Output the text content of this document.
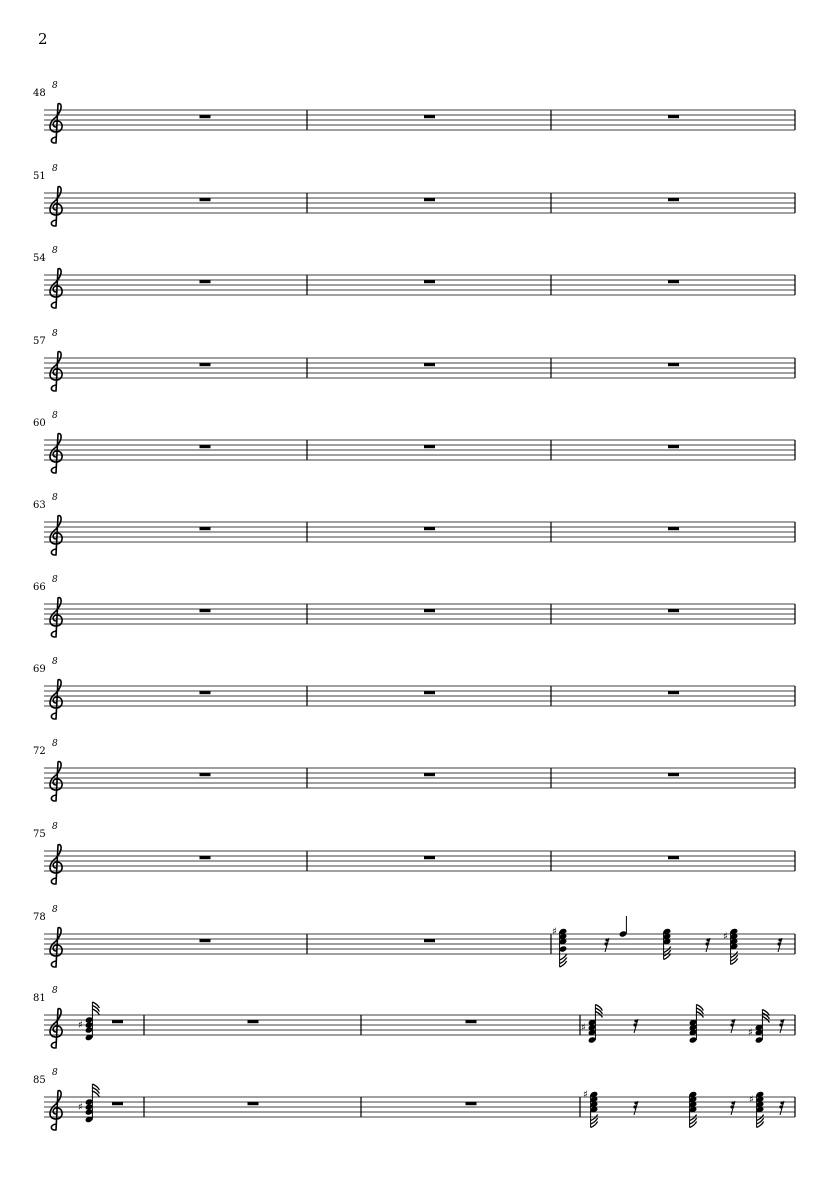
2
48
8
51
8
54
8
57
8
60
8
63
8
66
8
69
8
72
8
75
8
78
8
♯	♯
81
8
♯	♯	♯
85
8
♯
♯	♯
